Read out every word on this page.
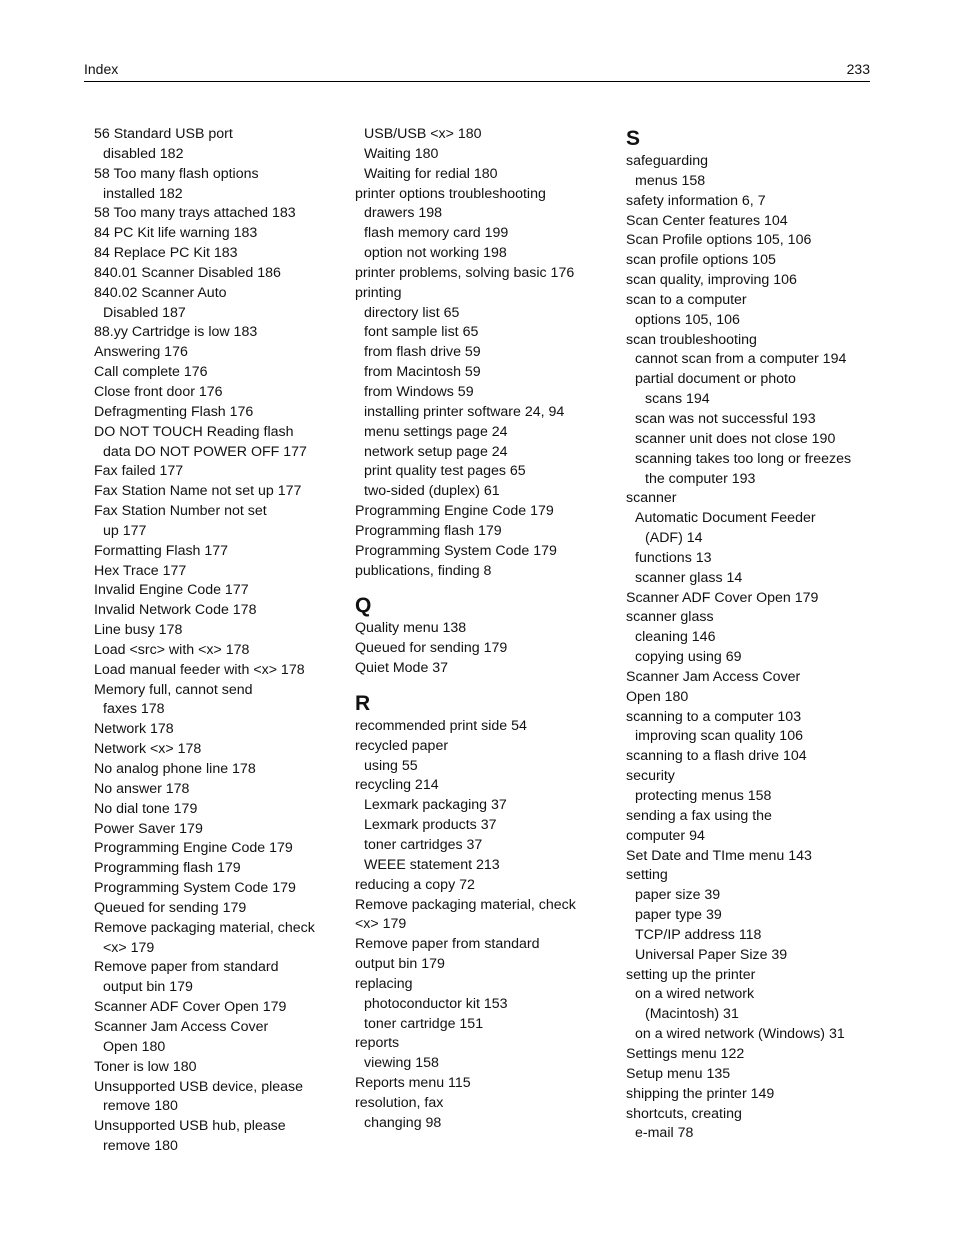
Index	233
56 Standard USB port
disabled 182
58 Too many flash options
installed 182
58 Too many trays attached 183
84 PC Kit life warning 183
84 Replace PC Kit 183
840.01 Scanner Disabled 186
840.02 Scanner Auto
Disabled 187
88.yy Cartridge is low 183
Answering 176
Call complete 176
Close front door 176
Defragmenting Flash 176
DO NOT TOUCH Reading flash
data DO NOT POWER OFF 177
Fax failed 177
Fax Station Name not set up 177
Fax Station Number not set
up 177
Formatting Flash 177
Hex Trace 177
Invalid Engine Code 177
Invalid Network Code 178
Line busy 178
Load <src> with <x> 178
Load manual feeder with <x> 178
Memory full, cannot send
faxes 178
Network 178
Network <x> 178
No analog phone line 178
No answer 178
No dial tone 179
Power Saver 179
Programming Engine Code 179
Programming flash 179
Programming System Code 179
Queued for sending 179
Remove packaging material, check
<x> 179
Remove paper from standard
output bin 179
Scanner ADF Cover Open 179
Scanner Jam Access Cover
Open 180
Toner is low 180
Unsupported USB device, please
remove 180
Unsupported USB hub, please
remove 180
USB/USB <x> 180
Waiting 180
Waiting for redial 180
printer options troubleshooting
drawers 198
flash memory card 199
option not working 198
printer problems, solving basic 176
printing
directory list 65
font sample list 65
from flash drive 59
from Macintosh 59
from Windows 59
installing printer software 24, 94
menu settings page 24
network setup page 24
print quality test pages 65
two-sided (duplex) 61
Programming Engine Code 179
Programming flash 179
Programming System Code 179
publications, finding 8
Q
Quality menu 138
Queued for sending 179
Quiet Mode 37
R
recommended print side 54
recycled paper
using 55
recycling 214
Lexmark packaging 37
Lexmark products 37
toner cartridges 37
WEEE statement 213
reducing a copy 72
Remove packaging material, check
<x> 179
Remove paper from standard
output bin 179
replacing
photoconductor kit 153
toner cartridge 151
reports
viewing 158
Reports menu 115
resolution, fax
changing 98
S
safeguarding
menus 158
safety information 6, 7
Scan Center features 104
Scan Profile options 105, 106
scan profile options 105
scan quality, improving 106
scan to a computer
options 105, 106
scan troubleshooting
cannot scan from a computer 194
partial document or photo
scans 194
scan was not successful 193
scanner unit does not close 190
scanning takes too long or freezes
the computer 193
scanner
Automatic Document Feeder
(ADF) 14
functions 13
scanner glass 14
Scanner ADF Cover Open 179
scanner glass
cleaning 146
copying using 69
Scanner Jam Access Cover
Open 180
scanning to a computer 103
improving scan quality 106
scanning to a flash drive 104
security
protecting menus 158
sending a fax using the
computer 94
Set Date and TIme menu 143
setting
paper size 39
paper type 39
TCP/IP address 118
Universal Paper Size 39
setting up the printer
on a wired network
(Macintosh) 31
on a wired network (Windows) 31
Settings menu 122
Setup menu 135
shipping the printer 149
shortcuts, creating
e-mail 78
